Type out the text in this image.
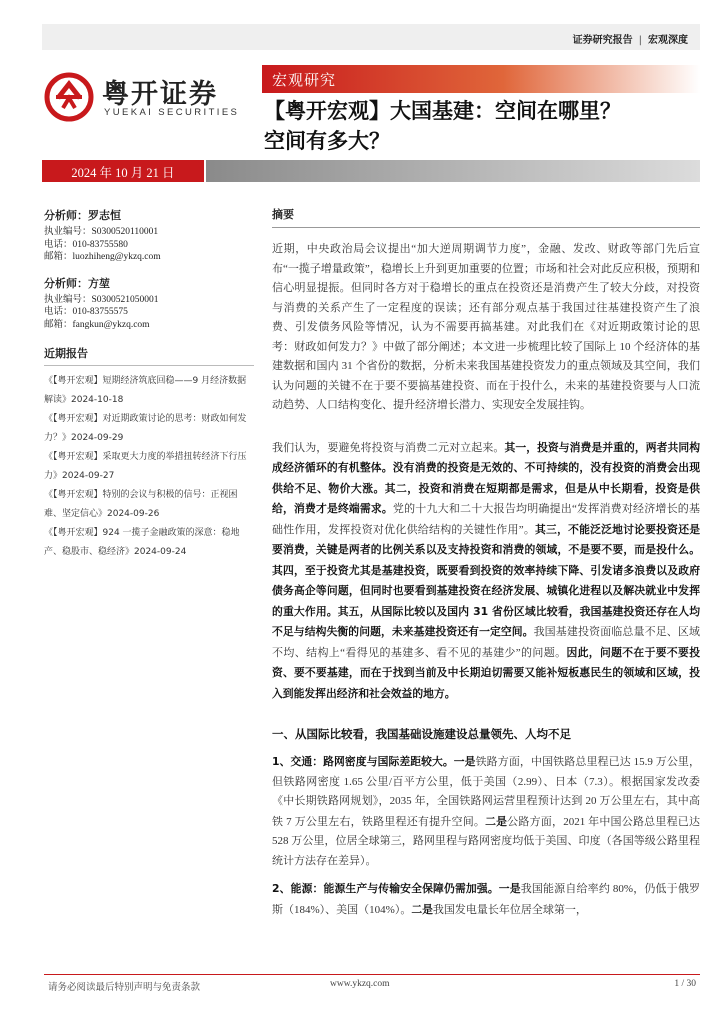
证券研究报告 | 宏观深度
粤开证券
YUEKAI SECURITIES
宏观研究
【粤开宏观】大国基建：空间在哪里？
空间有多大？
2024 年 10 月 21 日
分析师：罗志恒
执业编号：S0300520110001
电话：010-83755580
邮箱：luozhiheng@ykzq.com
分析师：方堃
执业编号：S0300521050001
电话：010-83755575
邮箱：fangkun@ykzq.com
近期报告
《【粤开宏观】短期经济筑底回稳——9 月经济数据解读》2024-10-18
《【粤开宏观】对近期政策讨论的思考：财政如何发力？》2024-09-29
《【粤开宏观】采取更大力度的举措扭转经济下行压力》2024-09-27
《【粤开宏观】特别的会议与积极的信号：正视困难、坚定信心》2024-09-26
《【粤开宏观】924 一揽子金融政策的深意：稳地产、稳股市、稳经济》2024-09-24
摘要
近期，中央政治局会议提出“加大逆周期调节力度”，金融、发改、财政等部门先后宣布“一揽子增量政策”，稳增长上升到更加重要的位置；市场和社会对此反应积极，预期和信心明显提振。但同时各方对于稳增长的重点在投资还是消费产生了较大分歧，对投资与消费的关系产生了一定程度的误读；还有部分观点基于我国过往基建投资产生了浪费、引发债务风险等情况，认为不需要再搞基建。对此我们在《对近期政策讨论的思考：财政如何发力？》中做了部分阐述；本文进一步梳理比较了国际上 10 个经济体的基建数据和国内 31 个省份的数据，分析未来我国基建投资发力的重点领域及其空间，我们认为问题的关键不在于要不要搞基建投资、而在于投什么，未来的基建投资要与人口流动趋势、人口结构变化、提升经济增长潜力、实现安全发展挂钩。
我们认为，要避免将投资与消费二元对立起来。其一，投资与消费是并重的，两者共同构成经济循环的有机整体。没有消费的投资是无效的、不可持续的，没有投资的消费会出现供给不足、物价大涨。其二，投资和消费在短期都是需求，但是从中长期看，投资是供给，消费才是终端需求。党的十九大和二十大报告均明确提出“发挥消费对经济增长的基础性作用，发挥投资对优化供给结构的关键性作用”。其三，不能泛泛地讨论要投资还是要消费，关键是两者的比例关系以及支持投资和消费的领域，不是要不要，而是投什么。其四，至于投资尤其是基建投资，既要看到投资的效率持续下降、引发诸多浪费以及政府债务高企等问题，但同时也要看到基建投资在经济发展、城镇化进程以及解决就业中发挥的重大作用。其五，从国际比较以及国内 31 省份区域比较看，我国基建投资还存在人均不足与结构失衡的问题，未来基建投资还有一定空间。我国基建投资面临总量不足、区域不均、结构上“看得见的基建多、看不见的基建少”的问题。因此，问题不在于要不要投资、要不要基建，而在于找到当前及中长期迫切需要又能补短板惠民生的领域和区域，投入到能发挥出经济和社会效益的地方。
一、从国际比较看，我国基础设施建设总量领先、人均不足
1、交通：路网密度与国际差距较大。一是铁路方面，中国铁路总里程已达 15.9 万公里，但铁路网密度 1.65 公里/百平方公里，低于美国（2.99）、日本（7.3）。根据国家发改委《中长期铁路网规划》，2035 年，全国铁路网运营里程预计达到 20 万公里左右，其中高铁 7 万公里左右，铁路里程还有提升空间。二是公路方面，2021 年中国公路总里程已达 528 万公里，位居全球第三，路网里程与路网密度均低于美国、印度（各国等级公路里程统计方法存在差异）。
2、能源：能源生产与传输安全保障仍需加强。一是我国能源自给率约 80%，仍低于俄罗斯（184%）、美国（104%）。二是我国发电量长年位居全球第一，
请务必阅读最后特别声明与免责条款	www.ykzq.com	1 / 30
